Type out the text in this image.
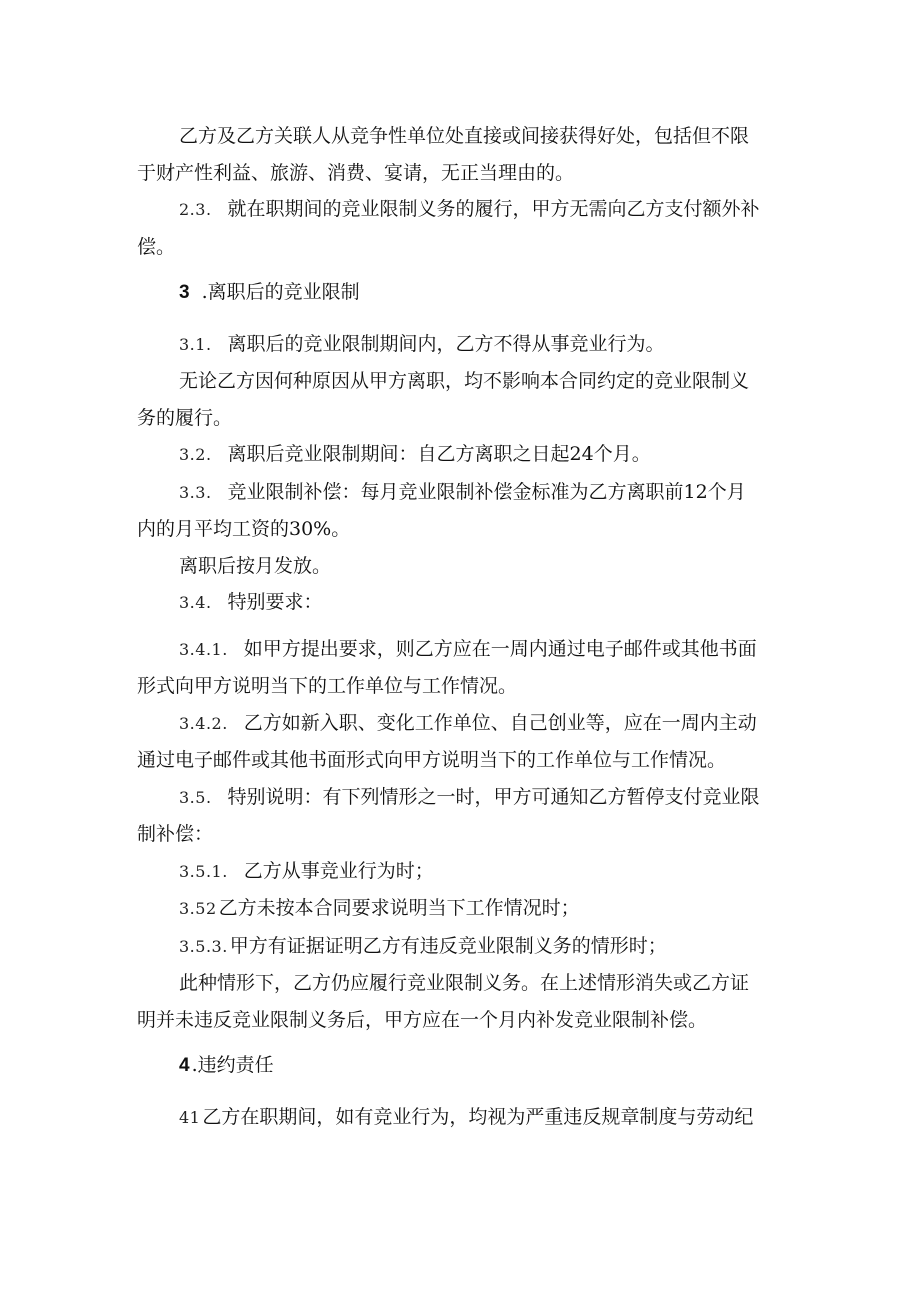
乙方及乙方关联人从竞争性单位处直接或间接获得好处，包括但不限

于财产性利益、旅游、消费、宴请，无正当理由的。

2.3. 就在职期间的竞业限制义务的履行，甲方无需向乙方支付额外补

偿。

3 .离职后的竞业限制

3.1. 离职后的竞业限制期间内，乙方不得从事竞业行为。

无论乙方因何种原因从甲方离职，均不影响本合同约定的竞业限制义

务的履行。

3.2. 离职后竞业限制期间：自乙方离职之日起24个月。

3.3. 竞业限制补偿：每月竞业限制补偿金标准为乙方离职前12个月

内的月平均工资的30%。

离职后按月发放。

3.4. 特别要求：

3.4.1. 如甲方提出要求，则乙方应在一周内通过电子邮件或其他书面

形式向甲方说明当下的工作单位与工作情况。

3.4.2. 乙方如新入职、变化工作单位、自己创业等，应在一周内主动

通过电子邮件或其他书面形式向甲方说明当下的工作单位与工作情况。

3.5. 特别说明：有下列情形之一时，甲方可通知乙方暂停支付竞业限

制补偿：

3.5.1. 乙方从事竞业行为时；

3.52 乙方未按本合同要求说明当下工作情况时；

3.5.3. 甲方有证据证明乙方有违反竞业限制义务的情形时；

此种情形下，乙方仍应履行竞业限制义务。在上述情形消失或乙方证

明并未违反竞业限制义务后，甲方应在一个月内补发竞业限制补偿。

4 .违约责任

41 乙方在职期间，如有竞业行为，均视为严重违反规章制度与劳动纪
